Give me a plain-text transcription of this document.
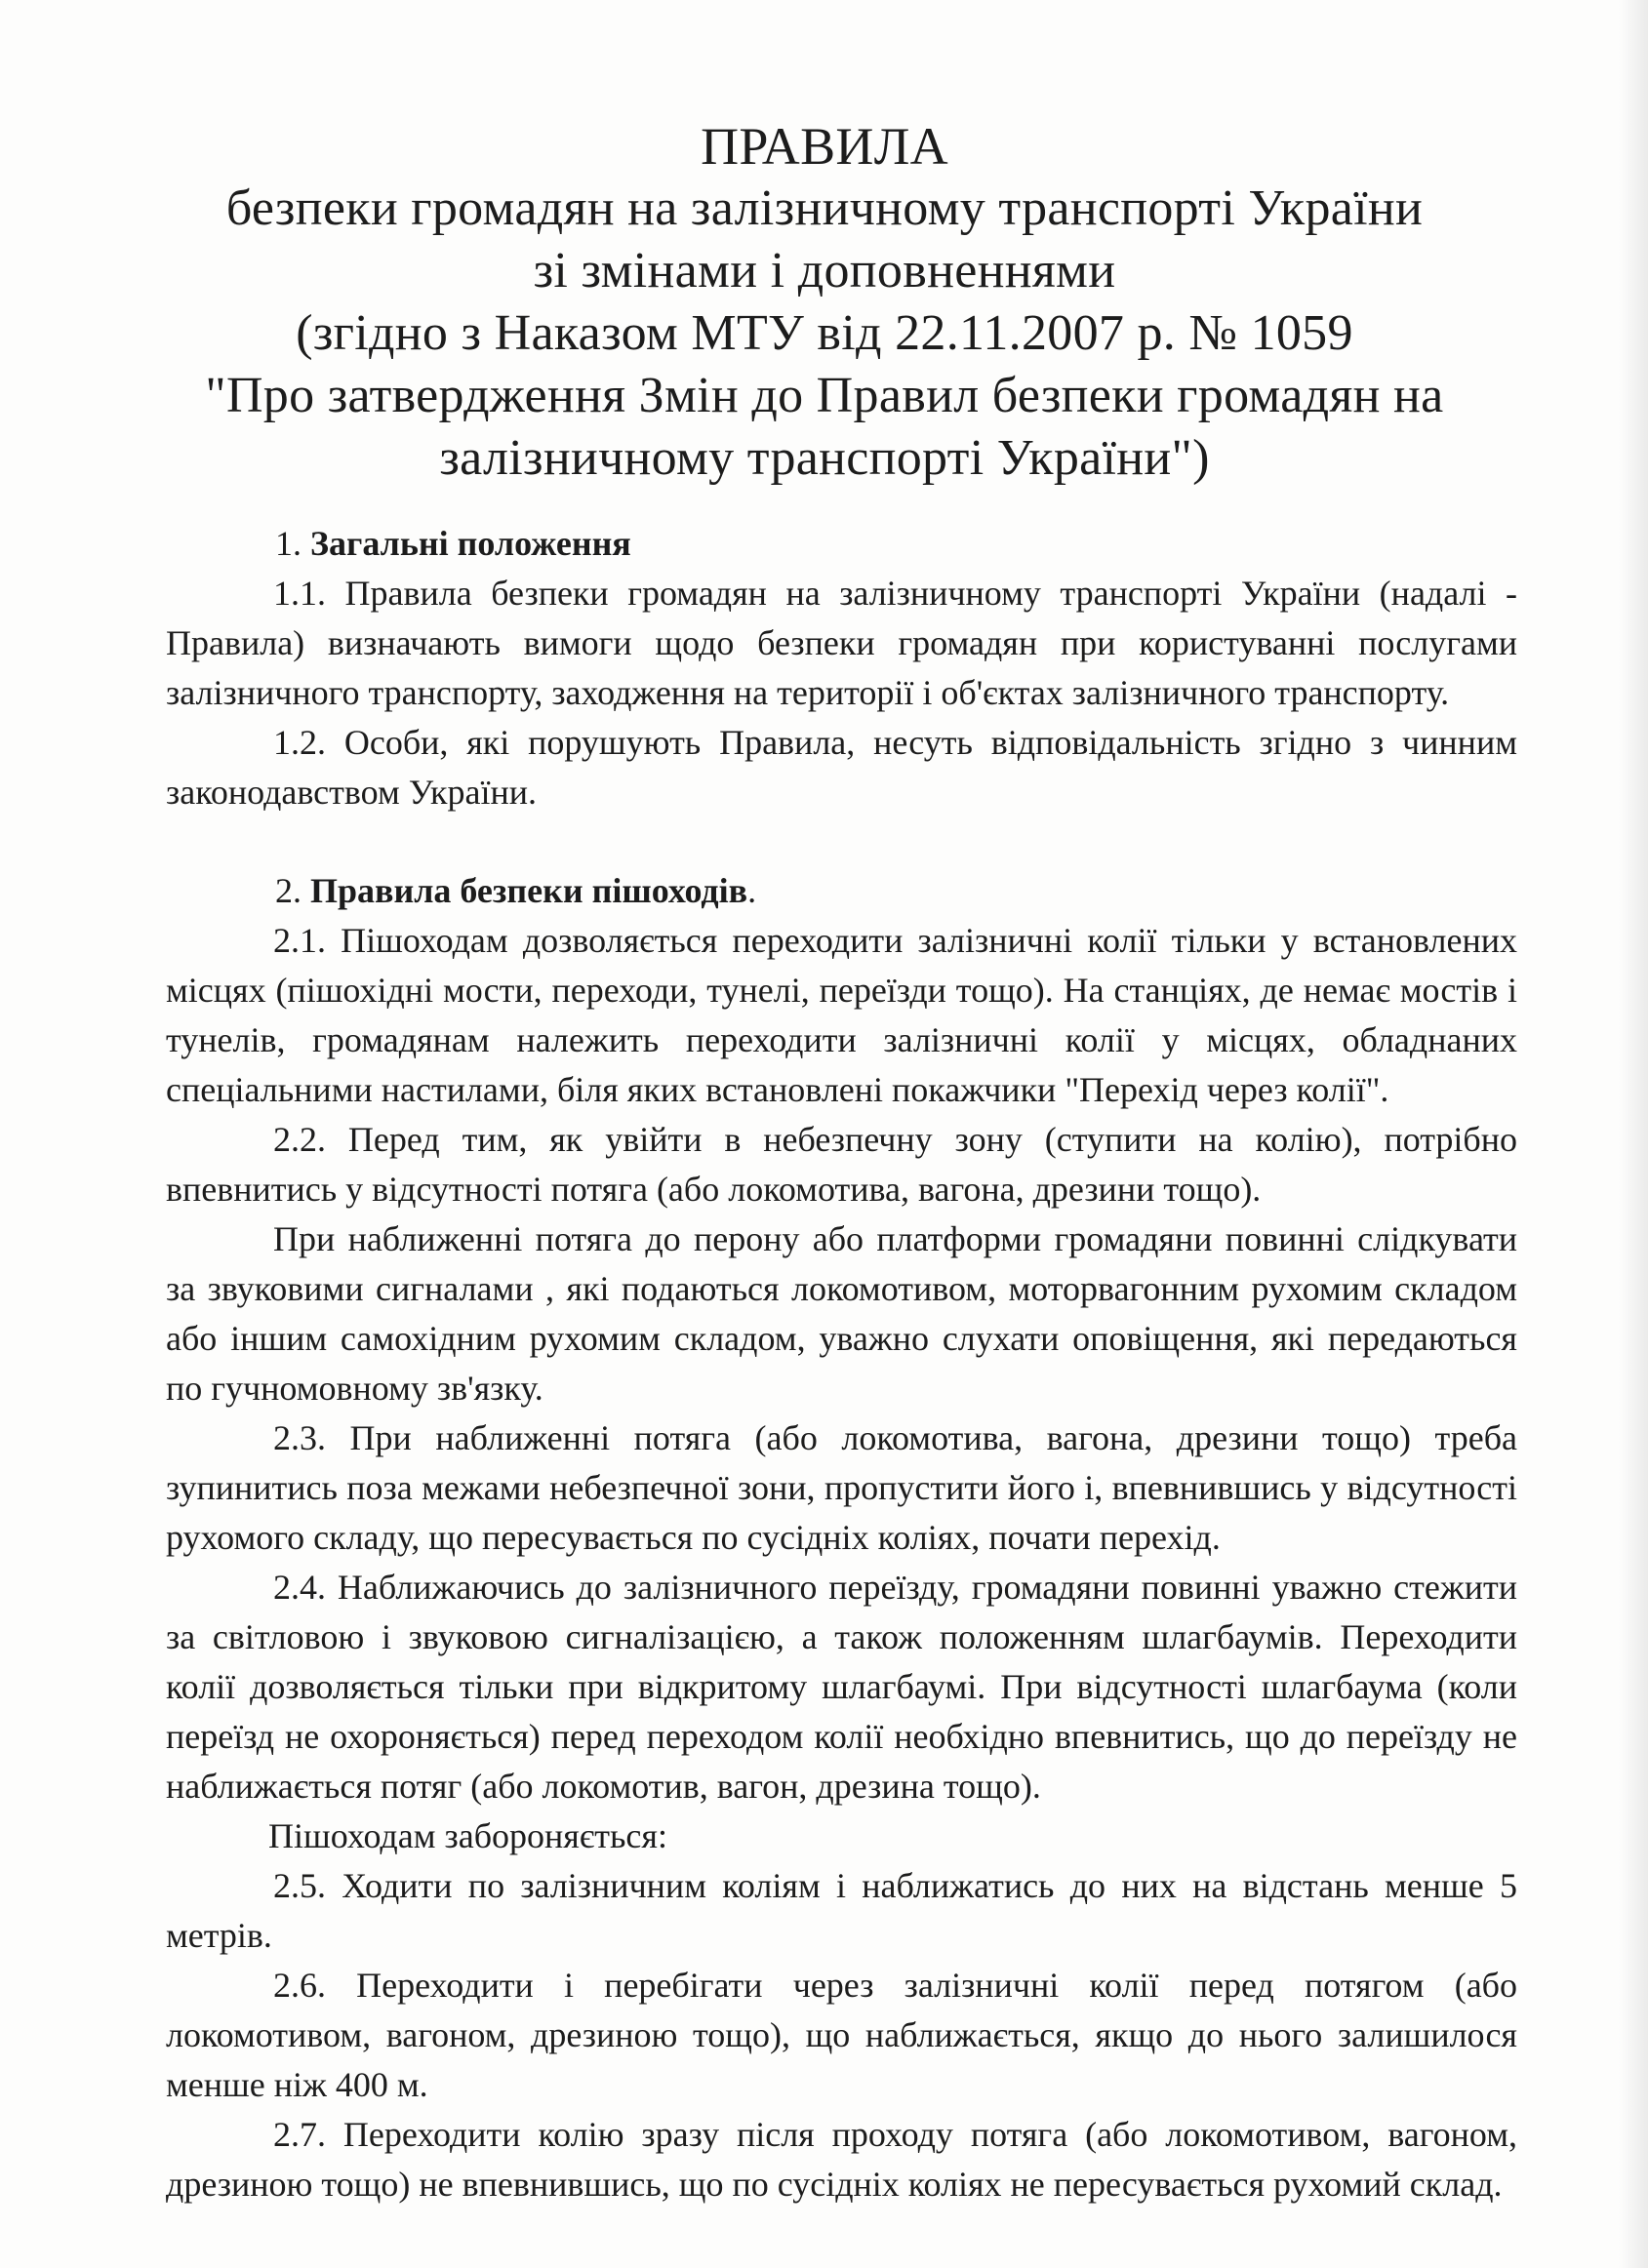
ПРАВИЛА
безпеки громадян на залізничному транспорті України
зі змінами і доповненнями
(згідно з Наказом МТУ від 22.11.2007 р. № 1059
"Про затвердження Змін до Правил безпеки громадян на
залізничному транспорті України")

1. Загальні положення

1.1. Правила безпеки громадян на залізничному транспорті України (надалі - Правила) визначають вимоги щодо безпеки громадян при користуванні послугами залізничного транспорту, заходження на території і об'єктах залізничного транспорту.

1.2. Особи, які порушують Правила, несуть відповідальність згідно з чинним законодавством України.

2. Правила безпеки пішоходів.

2.1. Пішоходам дозволяється переходити залізничні колії тільки у встановлених місцях (пішохідні мости, переходи, тунелі, переїзди тощо). На станціях, де немає мостів і тунелів, громадянам належить переходити залізничні колії у місцях, обладнаних спеціальними настилами, біля яких встановлені покажчики "Перехід через колії".

2.2. Перед тим, як увійти в небезпечну зону (ступити на колію), потрібно впевнитись у відсутності потяга (або локомотива, вагона, дрезини тощо).

При наближенні потяга до перону або платформи громадяни повинні слідкувати за звуковими сигналами , які подаються локомотивом, моторвагонним рухомим складом або іншим самохідним рухомим складом, уважно слухати оповіщення, які передаються по гучномовному зв'язку.

2.3. При наближенні потяга (або локомотива, вагона, дрезини тощо) треба зупинитись поза межами небезпечної зони, пропустити його і, впевнившись у відсутності рухомого складу, що пересувається по сусідніх коліях, почати перехід.

2.4. Наближаючись до залізничного переїзду, громадяни повинні уважно стежити за світловою і звуковою сигналізацією, а також положенням шлагбаумів. Переходити колії дозволяється тільки при відкритому шлагбаумі. При відсутності шлагбаума (коли переїзд не охороняється) перед переходом колії необхідно впевнитись, що до переїзду не наближається потяг (або локомотив, вагон, дрезина тощо).

Пішоходам забороняється:

2.5. Ходити по залізничним коліям і наближатись до них на відстань менше 5 метрів.

2.6. Переходити і перебігати через залізничні колії перед потягом (або локомотивом, вагоном, дрезиною тощо), що наближається, якщо до нього залишилося менше ніж 400 м.

2.7. Переходити колію зразу після проходу потяга (або локомотивом, вагоном, дрезиною тощо) не впевнившись, що по сусідніх коліях не пересувається рухомий склад.
